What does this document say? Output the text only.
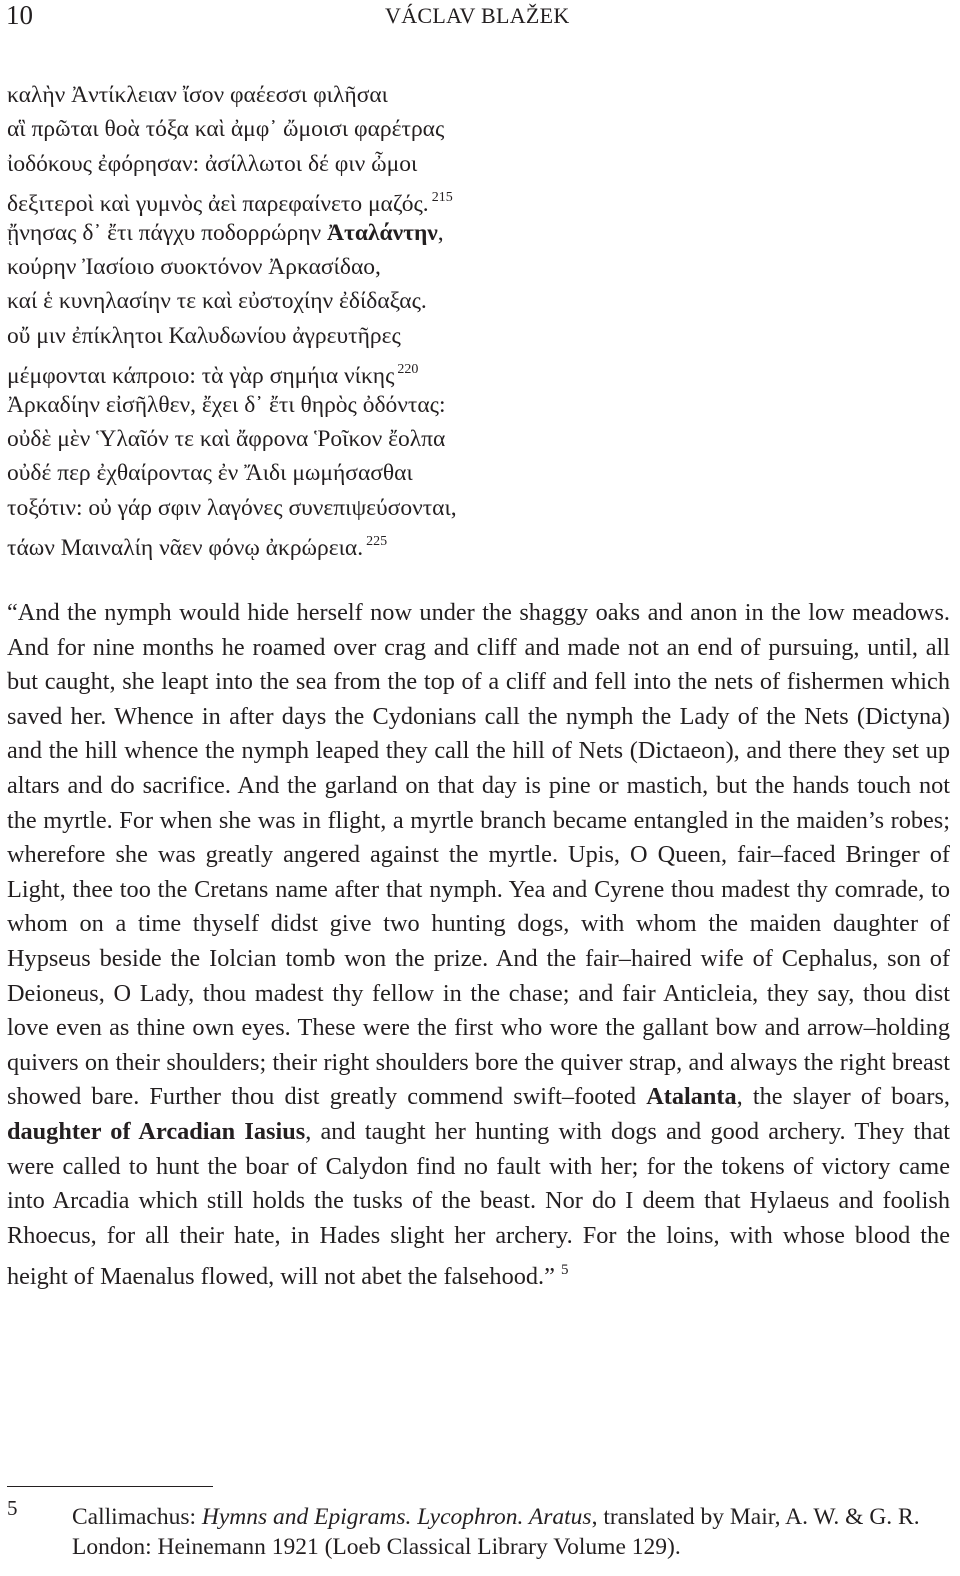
10	VÁCLAV BLAŽEK
καλὴν Ἀντίκλειαν ἴσον φαέεσσι φιλῆσαι
αἳ πρῶται θοὰ τόξα καὶ ἀμφ᾽ ὤμοισι φαρέτρας
ἰοδόκους ἐφόρησαν: ἀσίλλωτοι δέ φιν ὦμοι
δεξιτεροὶ καὶ γυμνὸς ἀεὶ παρεφαίνετο μαζός. $^{215}$
ᾔνησας δ᾽ ἔτι πάγχυ ποδορρώρην Ἀταλάντην,
κούρην Ἰασίοιο συοκτόνον Ἀρκασίδαο,
καί ἑ κυνηλασίην τε καὶ εὐστοχίην ἐδίδαξας.
οὔ μιν ἐπίκλητοι Καλυδωνίου ἀγρευτῆρες
μέμφονται κάπροιο: τὰ γὰρ σημήια νίκης $^{220}$
Ἀρκαδίην εἰσῆλθεν, ἔχει δ᾽ ἔτι θηρὸς ὀδόντας:
οὐδὲ μὲν Ὑλαῖόν τε καὶ ἄφρονα Ῥοῖκον ἔολπα
οὐδέ περ ἐχθαίροντας ἐν Ἄιδι μωμήσασθαι
τοξότιν: οὐ γάρ σφιν λαγόνες συνεπιψεύσονται,
τάων Μαιναλίη νᾶεν φόνῳ ἀκρώρεια. $^{225}$

“And the nymph would hide herself now under the shaggy oaks and anon in the low meadows. And for nine months he roamed over crag and cliff and made not an end of pursuing, until, all but caught, she leapt into the sea from the top of a cliff and fell into the nets of fishermen which saved her. Whence in after days the Cydonians call the nymph the Lady of the Nets (Dictyna) and the hill whence the nymph leaped they call the hill of Nets (Dictaeon), and there they set up altars and do sacrifice. And the garland on that day is pine or mastich, but the hands touch not the myrtle. For when she was in flight, a myrtle branch became entangled in the maiden’s robes; wherefore she was greatly angered against the myrtle. Upis, O Queen, fair–faced Bringer of Light, thee too the Cretans name after that nymph. Yea and Cyrene thou madest thy comrade, to whom on a time thyself didst give two hunting dogs, with whom the maiden daughter of Hypseus beside the Iolcian tomb won the prize. And the fair–haired wife of Cephalus, son of Deioneus, O Lady, thou madest thy fellow in the chase; and fair Anticleia, they say, thou dist love even as thine own eyes. These were the first who wore the gallant bow and arrow–holding quivers on their shoulders; their right shoulders bore the quiver strap, and always the right breast showed bare. Further thou dist greatly commend swift–footed Atalanta, the slayer of boars, daughter of Arcadian Iasius, and taught her hunting with dogs and good archery. They that were called to hunt the boar of Calydon find no fault with her; for the tokens of victory came into Arcadia which still holds the tusks of the beast. Nor do I deem that Hylaeus and foolish Rhoecus, for all their hate, in Hades slight her archery. For the loins, with whose blood the height of Maenalus flowed, will not abet the falsehood.” $^5$

5 Callimachus: Hymns and Epigrams. Lycophron. Aratus, translated by Mair, A. W. & G. R. London: Heinemann 1921 (Loeb Classical Library Volume 129).
